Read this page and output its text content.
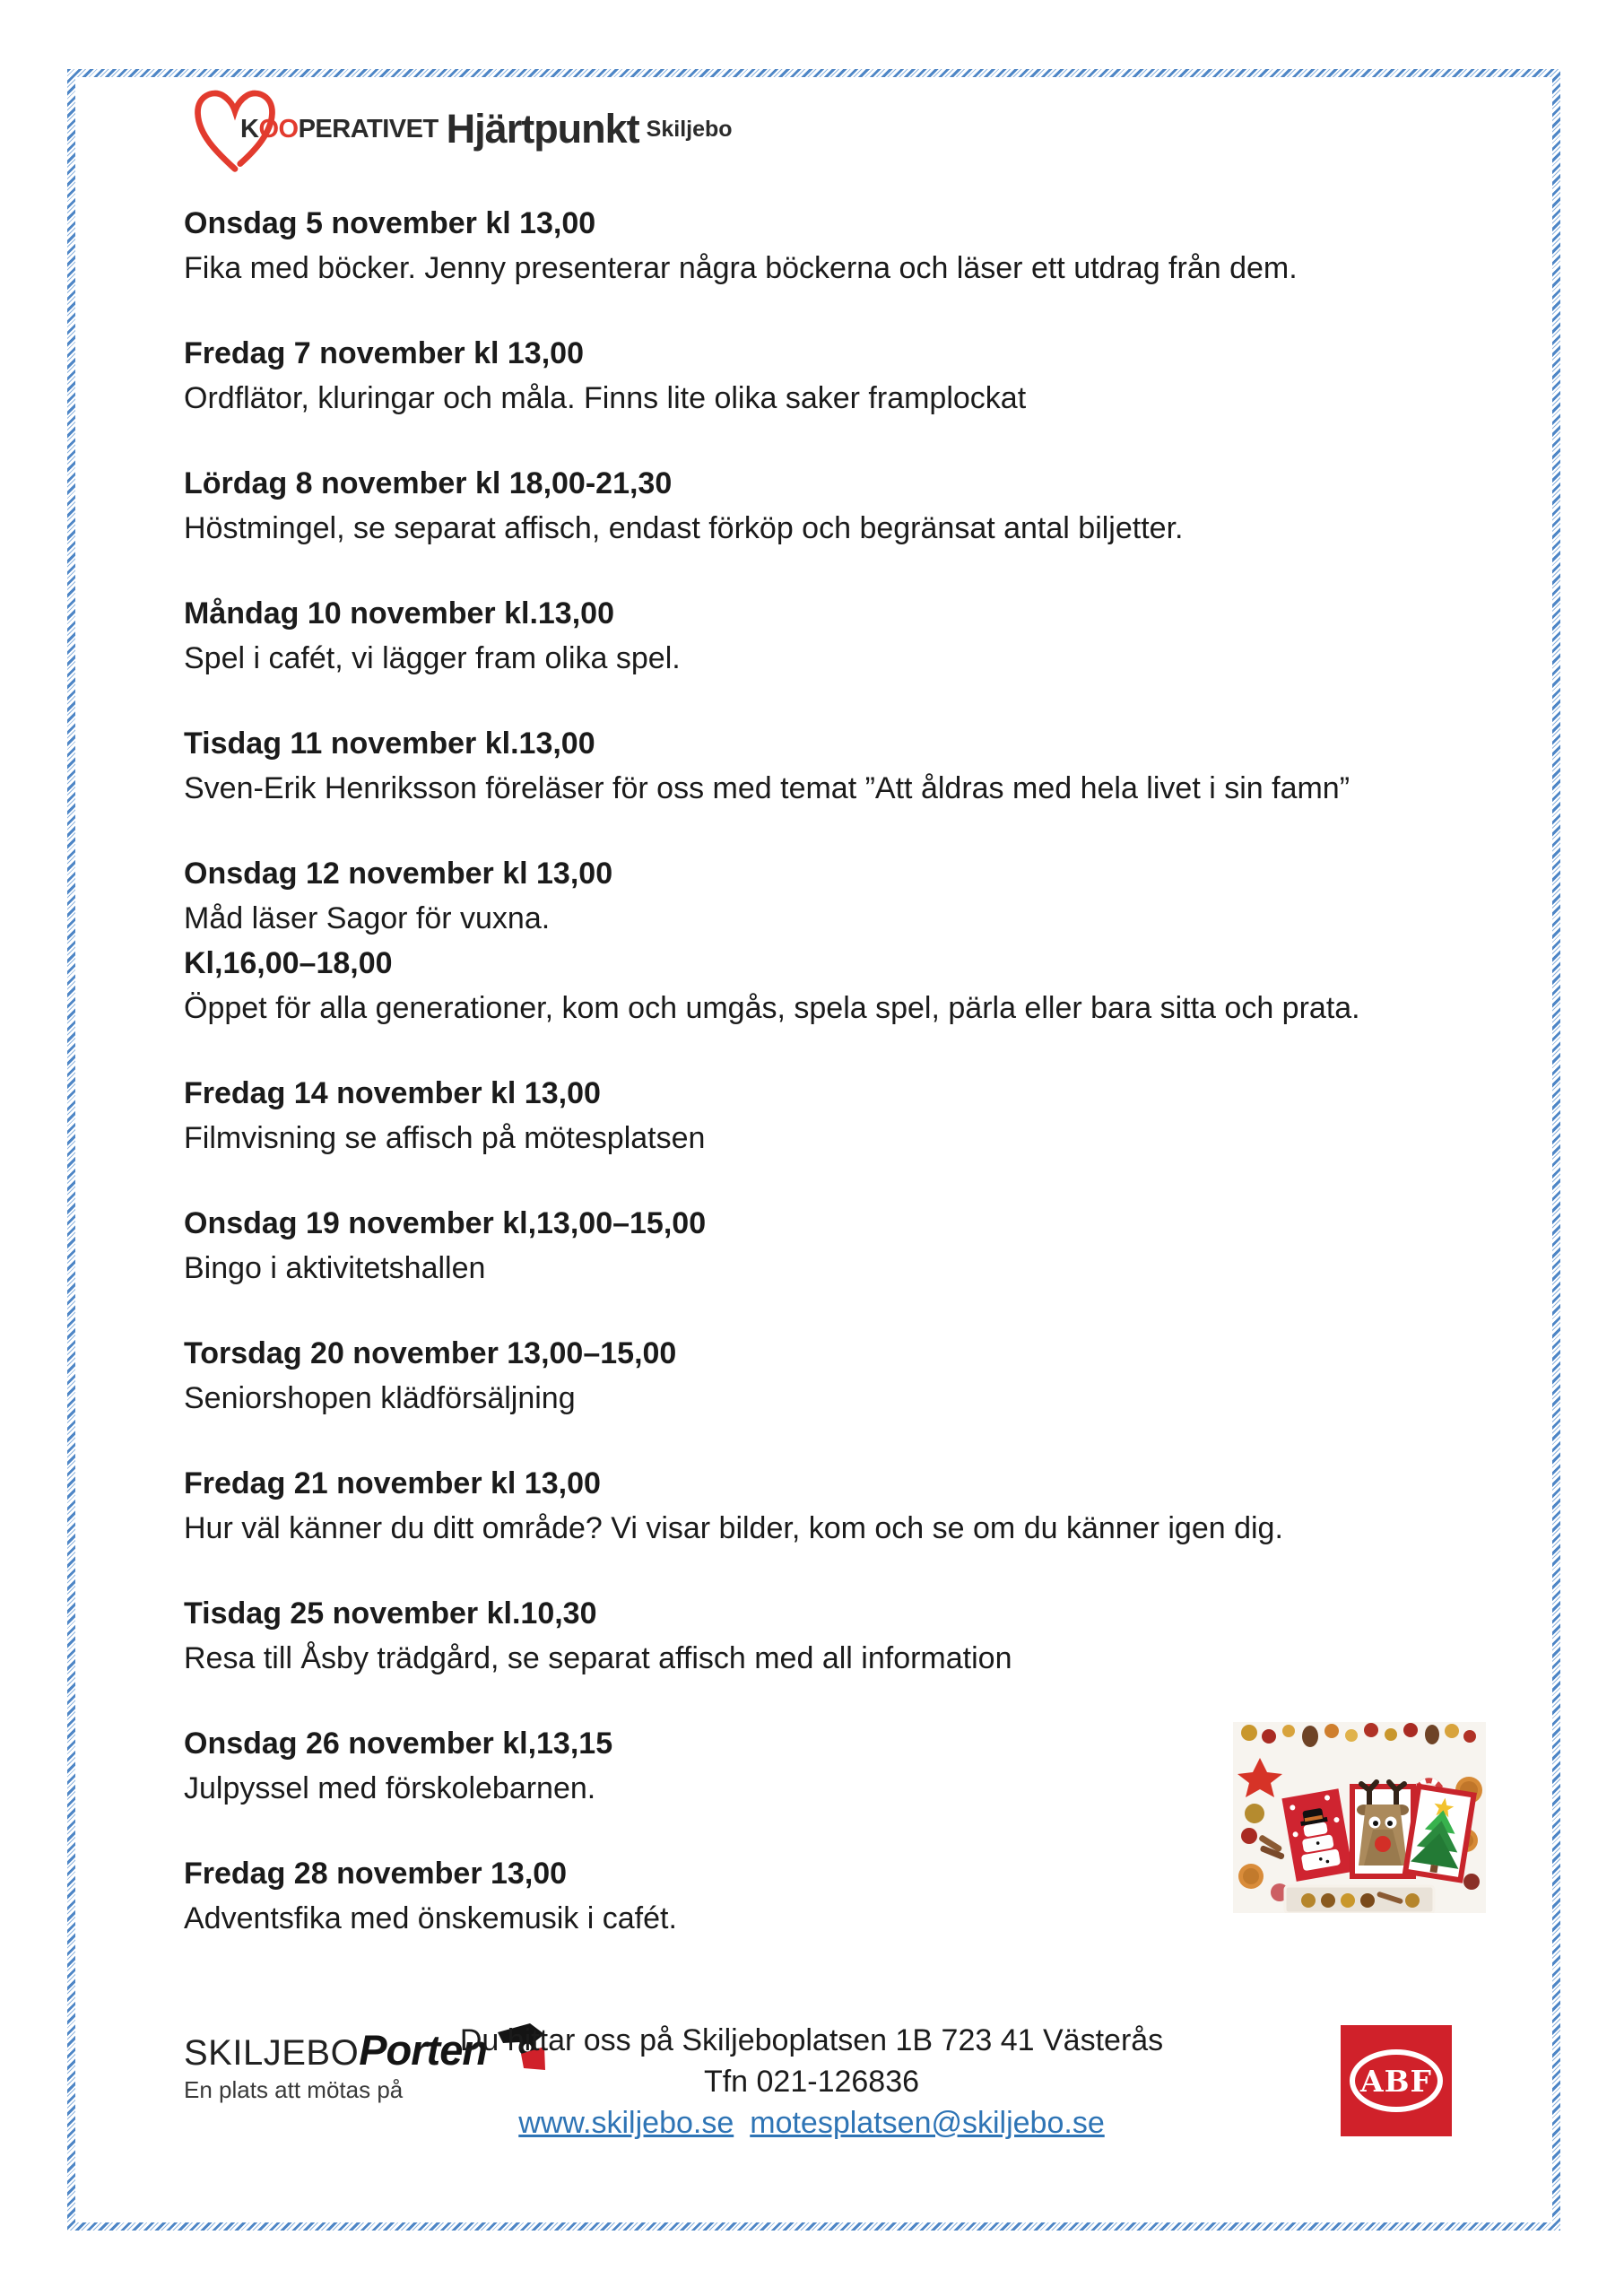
KOOPERATIVET Hjärtpunkt Skiljebo
Onsdag 5 november kl 13,00
Fika med böcker. Jenny presenterar några böckerna och läser ett utdrag från dem.
Fredag 7 november kl 13,00
Ordflätor, kluringar och måla. Finns lite olika saker framplockat
Lördag 8 november kl 18,00-21,30
Höstmingel, se separat affisch, endast förköp och begränsat antal biljetter.
Måndag 10 november kl.13,00
Spel i cafét, vi lägger fram olika spel.
Tisdag 11 november kl.13,00
Sven-Erik Henriksson föreläser för oss med temat ”Att åldras med hela livet i sin famn”
Onsdag 12 november kl 13,00
Måd läser Sagor för vuxna.
Kl,16,00–18,00
Öppet för alla generationer, kom och umgås, spela spel, pärla eller bara sitta och prata.
Fredag 14 november kl 13,00
Filmvisning se affisch på mötesplatsen
Onsdag 19 november kl,13,00–15,00
Bingo i aktivitetshallen
Torsdag 20 november 13,00–15,00
Seniorshopen klädförsäljning
Fredag 21 november kl 13,00
Hur väl känner du ditt område? Vi visar bilder, kom och se om du känner igen dig.
Tisdag 25 november kl.10,30
Resa till Åsby trädgård, se separat affisch med all information
Onsdag 26 november kl,13,15
Julpyssel med förskolebarnen.
Fredag 28 november 13,00
Adventsfika med önskemusik i cafét.
SKILJEBO Porten
En plats att mötas på
Du hittar oss på Skiljeboplatsen 1B 723 41 Västerås
Tfn 021-126836
www.skiljebo.se motesplatsen@skiljebo.se
ABF
